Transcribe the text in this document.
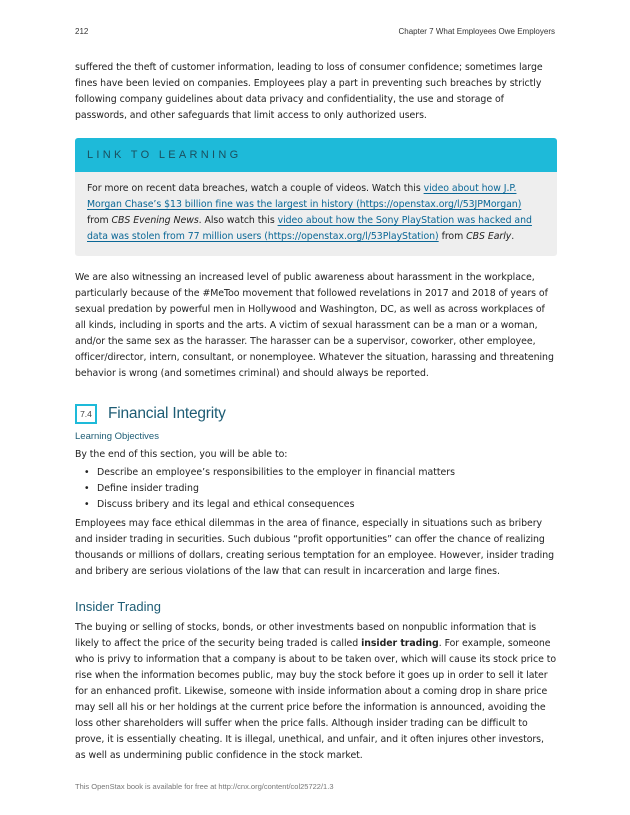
212	Chapter 7 What Employees Owe Employers

suffered the theft of customer information, leading to loss of consumer confidence; sometimes large fines have been levied on companies. Employees play a part in preventing such breaches by strictly following company guidelines about data privacy and confidentiality, the use and storage of passwords, and other safeguards that limit access to only authorized users.

LINK TO LEARNING

For more on recent data breaches, watch a couple of videos. Watch this video about how J.P. Morgan Chase’s $13 billion fine was the largest in history (https://openstax.org/l/53JPMorgan) from CBS Evening News. Also watch this video about how the Sony PlayStation was hacked and data was stolen from 77 million users (https://openstax.org/l/53PlayStation) from CBS Early.

We are also witnessing an increased level of public awareness about harassment in the workplace, particularly because of the #MeToo movement that followed revelations in 2017 and 2018 of years of sexual predation by powerful men in Hollywood and Washington, DC, as well as across workplaces of all kinds, including in sports and the arts. A victim of sexual harassment can be a man or a woman, and/or the same sex as the harasser. The harasser can be a supervisor, coworker, other employee, officer/director, intern, consultant, or nonemployee. Whatever the situation, harassing and threatening behavior is wrong (and sometimes criminal) and should always be reported.

7.4	Financial Integrity
Learning Objectives

By the end of this section, you will be able to:

• Describe an employee’s responsibilities to the employer in financial matters
• Define insider trading
• Discuss bribery and its legal and ethical consequences

Employees may face ethical dilemmas in the area of finance, especially in situations such as bribery and insider trading in securities. Such dubious “profit opportunities” can offer the chance of realizing thousands or millions of dollars, creating serious temptation for an employee. However, insider trading and bribery are serious violations of the law that can result in incarceration and large fines.

Insider Trading

The buying or selling of stocks, bonds, or other investments based on nonpublic information that is likely to affect the price of the security being traded is called insider trading. For example, someone who is privy to information that a company is about to be taken over, which will cause its stock price to rise when the information becomes public, may buy the stock before it goes up in order to sell it later for an enhanced profit. Likewise, someone with inside information about a coming drop in share price may sell all his or her holdings at the current price before the information is announced, avoiding the loss other shareholders will suffer when the price falls. Although insider trading can be difficult to prove, it is essentially cheating. It is illegal, unethical, and unfair, and it often injures other investors, as well as undermining public confidence in the stock market.

This OpenStax book is available for free at http://cnx.org/content/col25722/1.3
